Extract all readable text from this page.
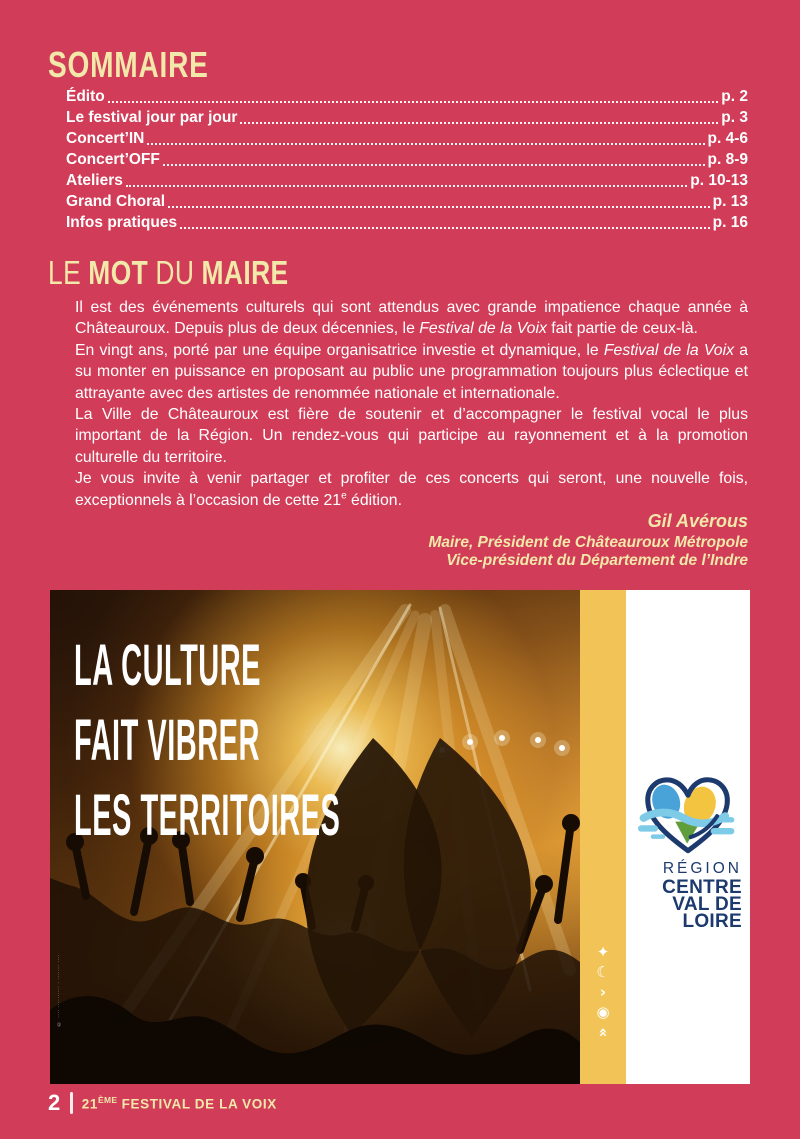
SOMMAIRE
Édito	p. 2
Le festival jour par jour	p. 3
Concert’IN	p. 4-6
Concert’OFF	p. 8-9
Ateliers	p. 10-13
Grand Choral	p. 13
Infos pratiques	p. 16
LE MOT DU MAIRE

Il est des événements culturels qui sont attendus avec grande impatience chaque année à Châteauroux. Depuis plus de deux décennies, le Festival de la Voix fait partie de ceux-là.

En vingt ans, porté par une équipe organisatrice investie et dynamique, le Festival de la Voix a su monter en puissance en proposant au public une programmation toujours plus éclectique et attrayante avec des artistes de renommée nationale et internationale.

La Ville de Châteauroux est fière de soutenir et d’accompagner le festival vocal le plus important de la Région. Un rendez-vous qui participe au rayonnement et à la promotion culturelle du territoire.

Je vous invite à venir partager et profiter de ces concerts qui seront, une nouvelle fois, exceptionnels à l’occasion de cette 21e édition.

Gil Avérous
Maire, Président de Châteauroux Métropole
Vice-président du Département de l’Indre
LA CULTURE
FAIT VIBRER
LES TERRITOIRES
© ···· ·········· · ······· ····
✦
☾
›
◉
«
RÉGION
CENTRE
VAL DE
LOIRE
2 21ÈME FESTIVAL DE LA VOIX
